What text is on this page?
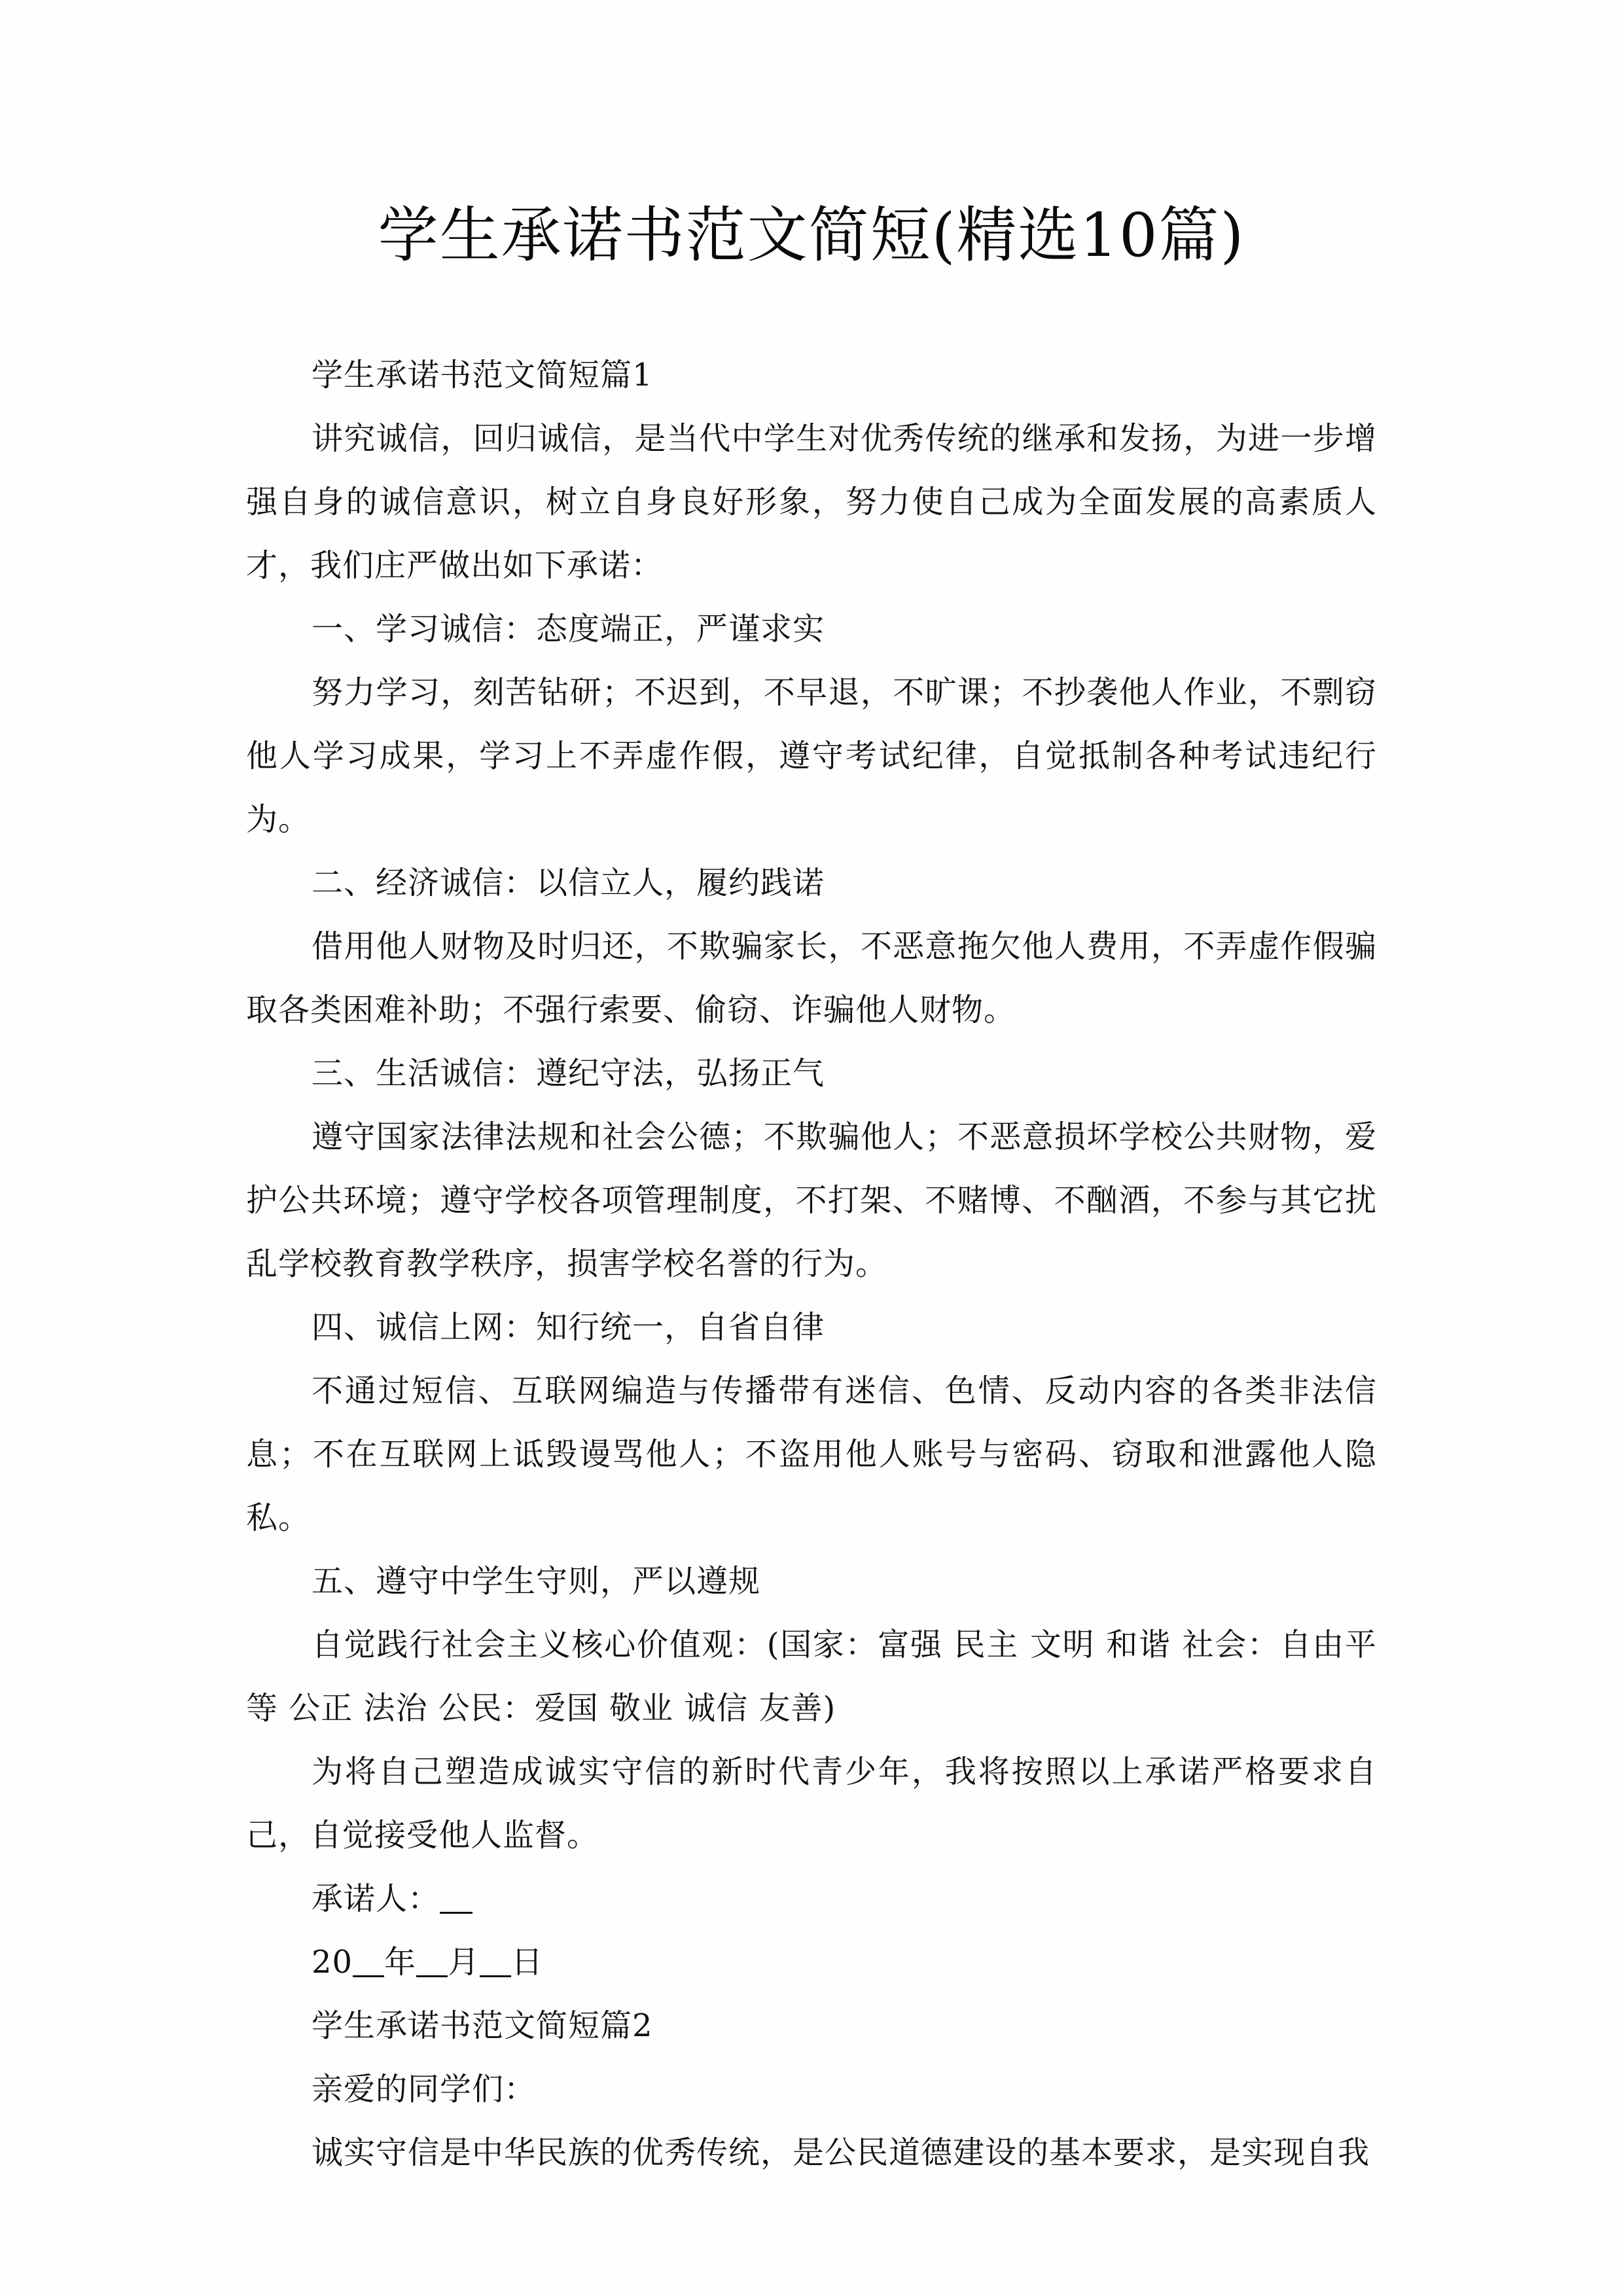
学生承诺书范文简短(精选10篇)

学生承诺书范文简短篇1

讲究诚信，回归诚信，是当代中学生对优秀传统的继承和发扬，为进一步增强自身的诚信意识，树立自身良好形象，努力使自己成为全面发展的高素质人才，我们庄严做出如下承诺：

一、学习诚信：态度端正，严谨求实

努力学习，刻苦钻研；不迟到，不早退，不旷课；不抄袭他人作业，不剽窃他人学习成果，学习上不弄虚作假，遵守考试纪律，自觉抵制各种考试违纪行为。

二、经济诚信：以信立人，履约践诺

借用他人财物及时归还，不欺骗家长，不恶意拖欠他人费用，不弄虚作假骗取各类困难补助；不强行索要、偷窃、诈骗他人财物。

三、生活诚信：遵纪守法，弘扬正气

遵守国家法律法规和社会公德；不欺骗他人；不恶意损坏学校公共财物，爱护公共环境；遵守学校各项管理制度，不打架、不赌博、不酗酒，不参与其它扰乱学校教育教学秩序，损害学校名誉的行为。

四、诚信上网：知行统一，自省自律

不通过短信、互联网编造与传播带有迷信、色情、反动内容的各类非法信息；不在互联网上诋毁谩骂他人；不盗用他人账号与密码、窃取和泄露他人隐私。

五、遵守中学生守则，严以遵规

自觉践行社会主义核心价值观：(国家：富强 民主 文明 和谐 社会：自由平等 公正 法治 公民：爱国 敬业 诚信 友善)

为将自己塑造成诚实守信的新时代青少年，我将按照以上承诺严格要求自己，自觉接受他人监督。

承诺人：

20 年 月 日

学生承诺书范文简短篇2

亲爱的同学们：

诚实守信是中华民族的优秀传统，是公民道德建设的基本要求，是实现自我
